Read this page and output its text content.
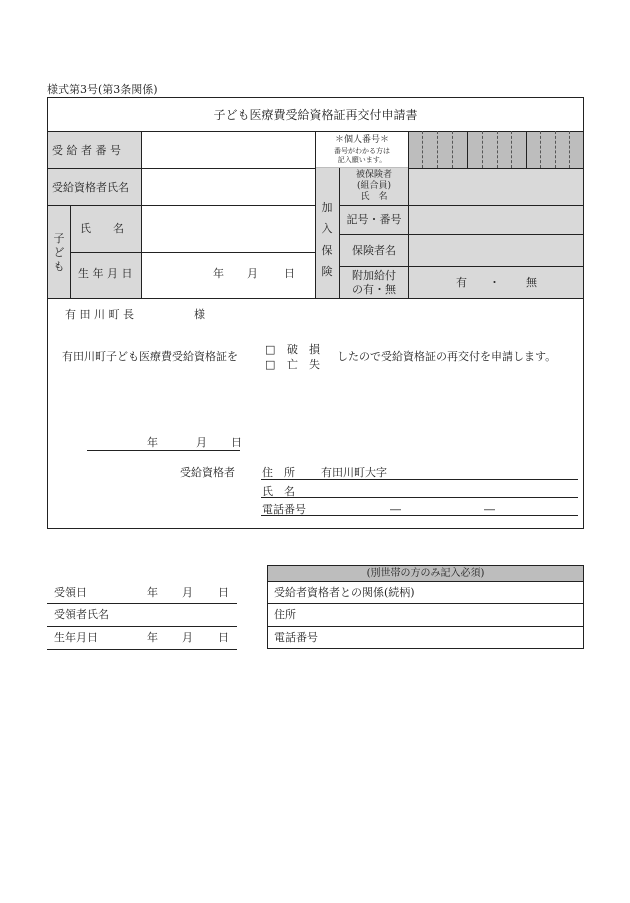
様式第3号(第3条関係)
子ども医療費受給資格証再交付申請書
受 給 者 番 号
＊個人番号＊
番号がわかる方は
記入願います。
受給資格者氏名
子ども
氏　　名
生 年 月 日	年 月 日
加入保険
被保険者
(組合員)
氏　名
記号・番号
保険者名
附加給付
の有・無
有 ・ 無
有 田 川 町 長	様
有田川町子ども医療費受給資格証を
□ 破　損
□ 亡　失
したので受給資格証の再交付を申請します。
年	月 日
受給資格者 住　所 有田川町大字
氏　名
電話番号	―	―
受領日	年 月 日
受領者氏名
生年月日	年 月 日
(別世帯の方のみ記入必須)
受給者資格者との関係(続柄)
住所
電話番号
